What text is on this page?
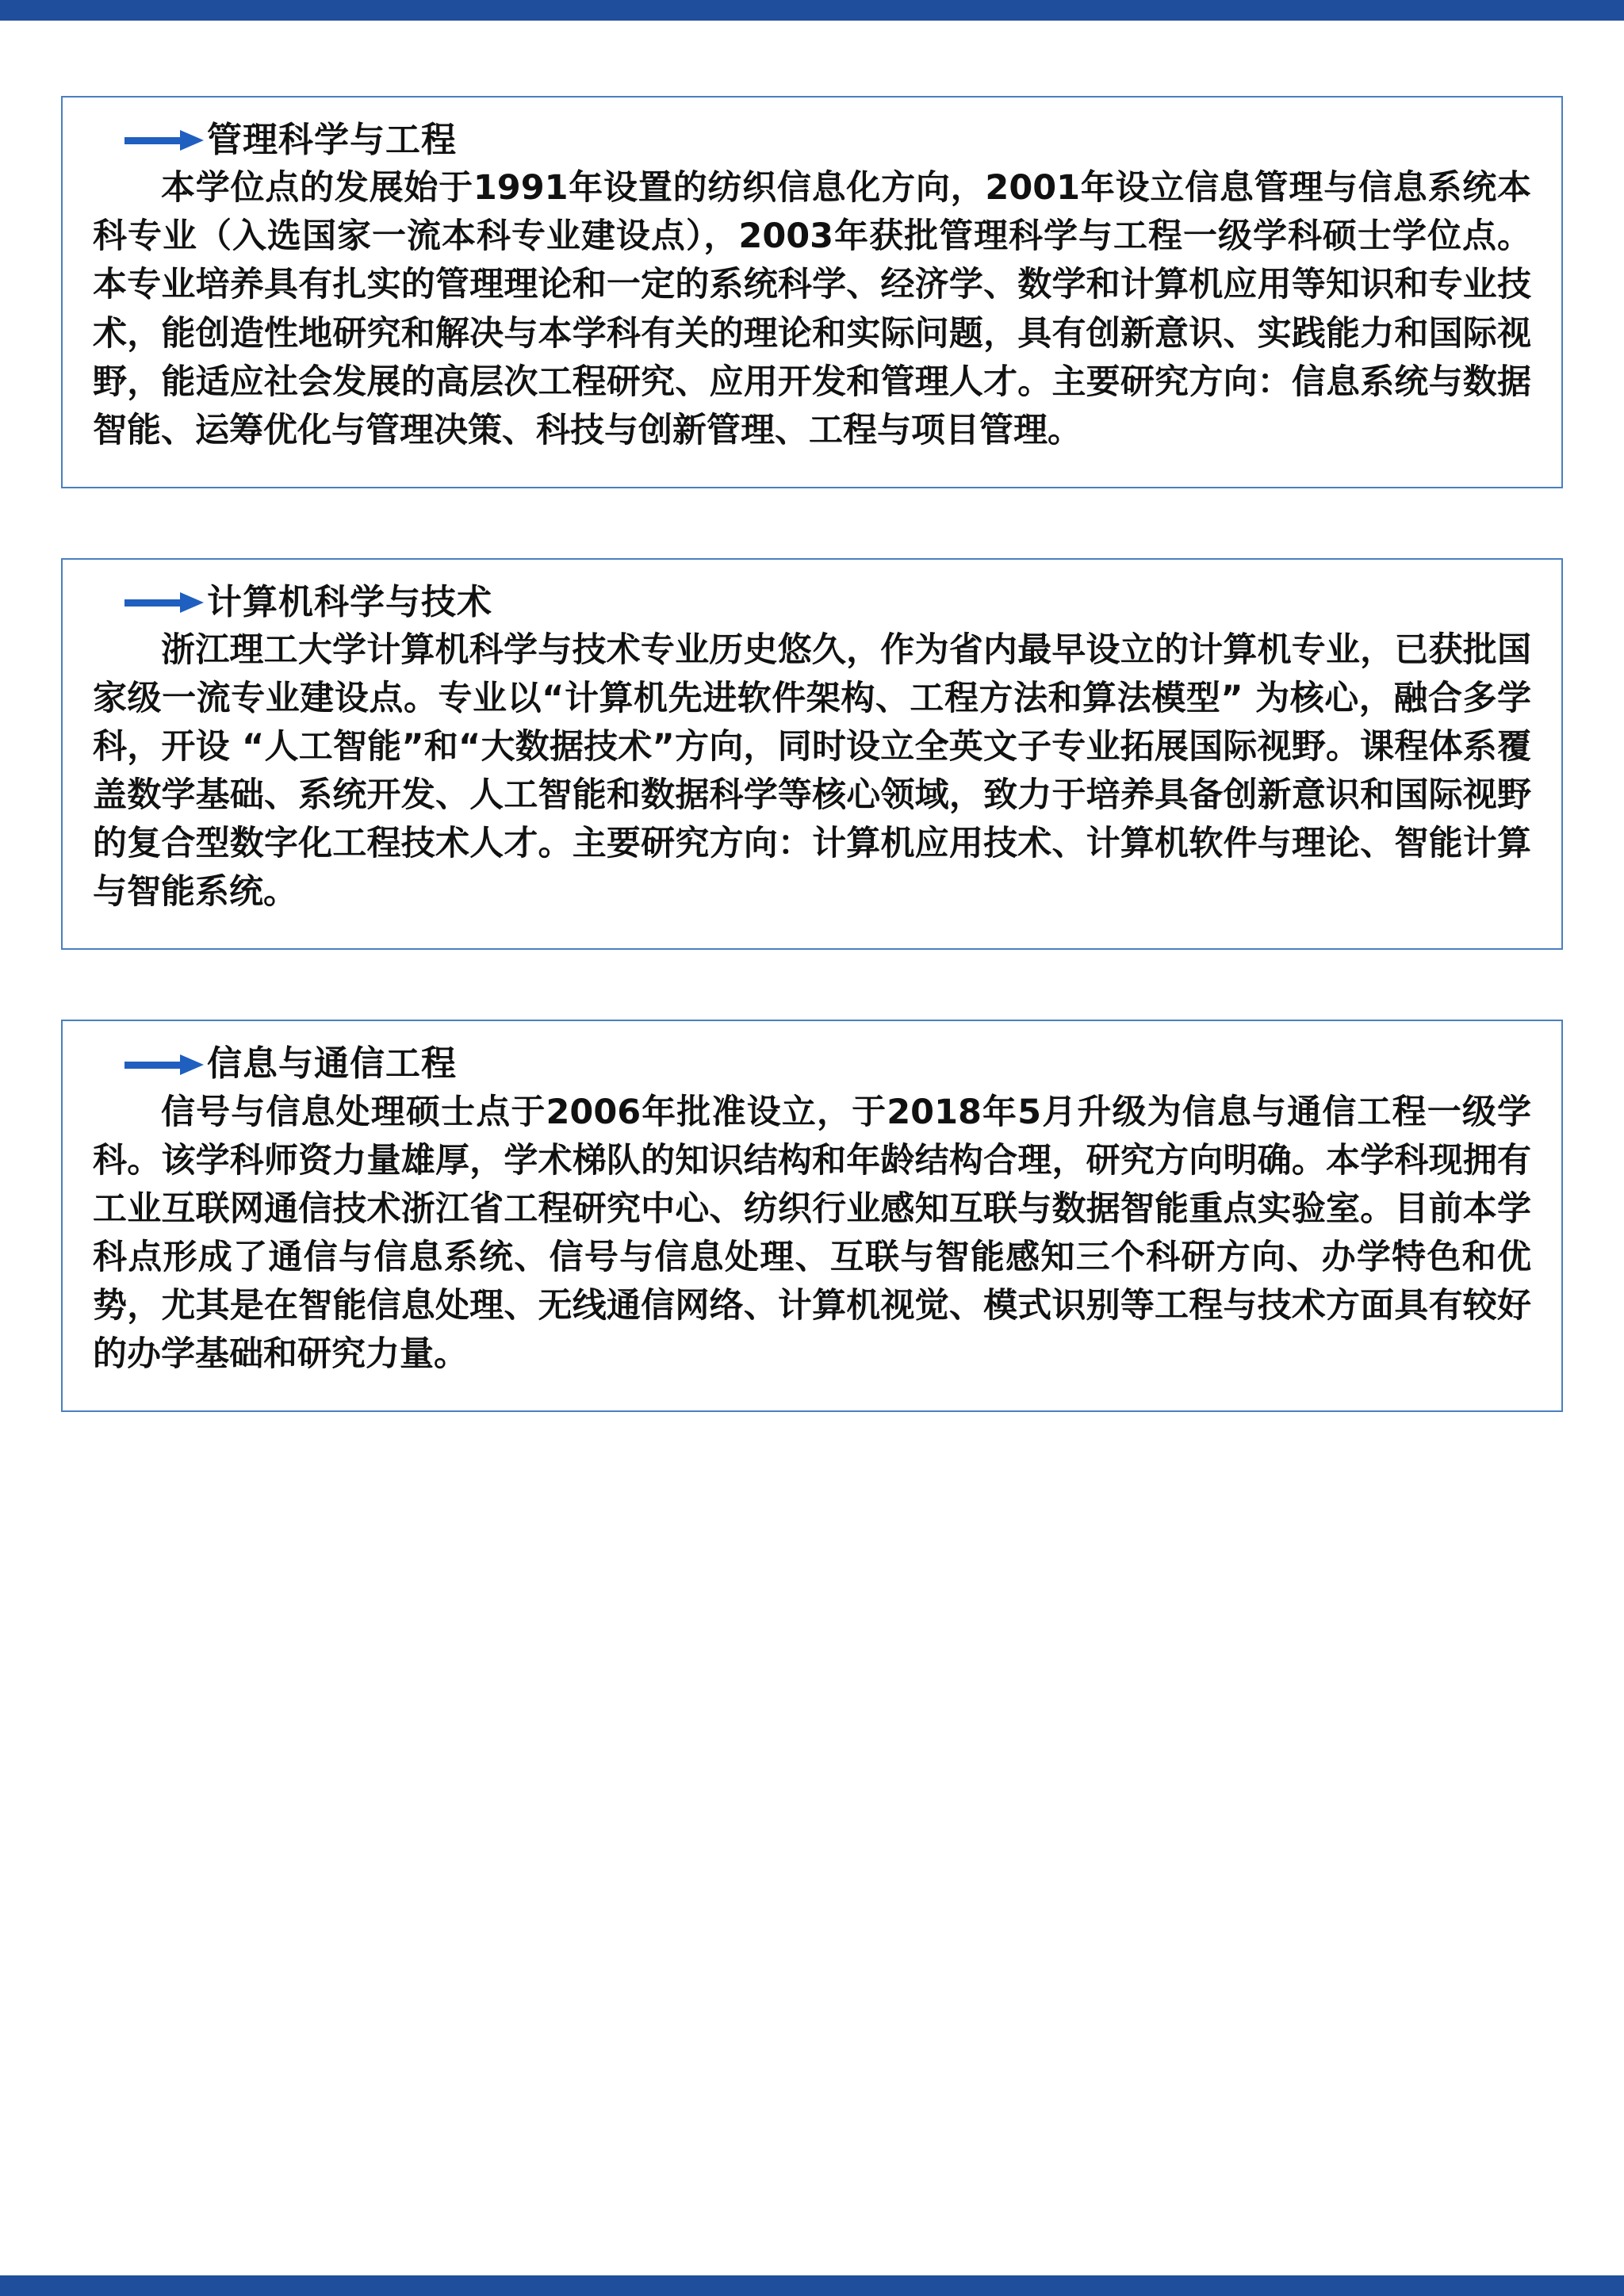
管理科学与工程

本学位点的发展始于1991年设置的纺织信息化方向，2001年设立信息管理与信息系统本科专业（入选国家一流本科专业建设点），2003年获批管理科学与工程一级学科硕士学位点。本专业培养具有扎实的管理理论和一定的系统科学、经济学、数学和计算机应用等知识和专业技术，能创造性地研究和解决与本学科有关的理论和实际问题，具有创新意识、实践能力和国际视野，能适应社会发展的高层次工程研究、应用开发和管理人才。主要研究方向：信息系统与数据智能、运筹优化与管理决策、科技与创新管理、工程与项目管理。

计算机科学与技术

浙江理工大学计算机科学与技术专业历史悠久，作为省内最早设立的计算机专业，已获批国家级一流专业建设点。专业以“计算机先进软件架构、工程方法和算法模型” 为核心，融合多学科，开设 “人工智能”和“大数据技术”方向，同时设立全英文子专业拓展国际视野。课程体系覆盖数学基础、系统开发、人工智能和数据科学等核心领域，致力于培养具备创新意识和国际视野的复合型数字化工程技术人才。主要研究方向：计算机应用技术、计算机软件与理论、智能计算与智能系统。

信息与通信工程

信号与信息处理硕士点于2006年批准设立，于2018年5月升级为信息与通信工程一级学科。该学科师资力量雄厚，学术梯队的知识结构和年龄结构合理，研究方向明确。本学科现拥有工业互联网通信技术浙江省工程研究中心、纺织行业感知互联与数据智能重点实验室。目前本学科点形成了通信与信息系统、信号与信息处理、互联与智能感知三个科研方向、办学特色和优势，尤其是在智能信息处理、无线通信网络、计算机视觉、模式识别等工程与技术方面具有较好的办学基础和研究力量。
